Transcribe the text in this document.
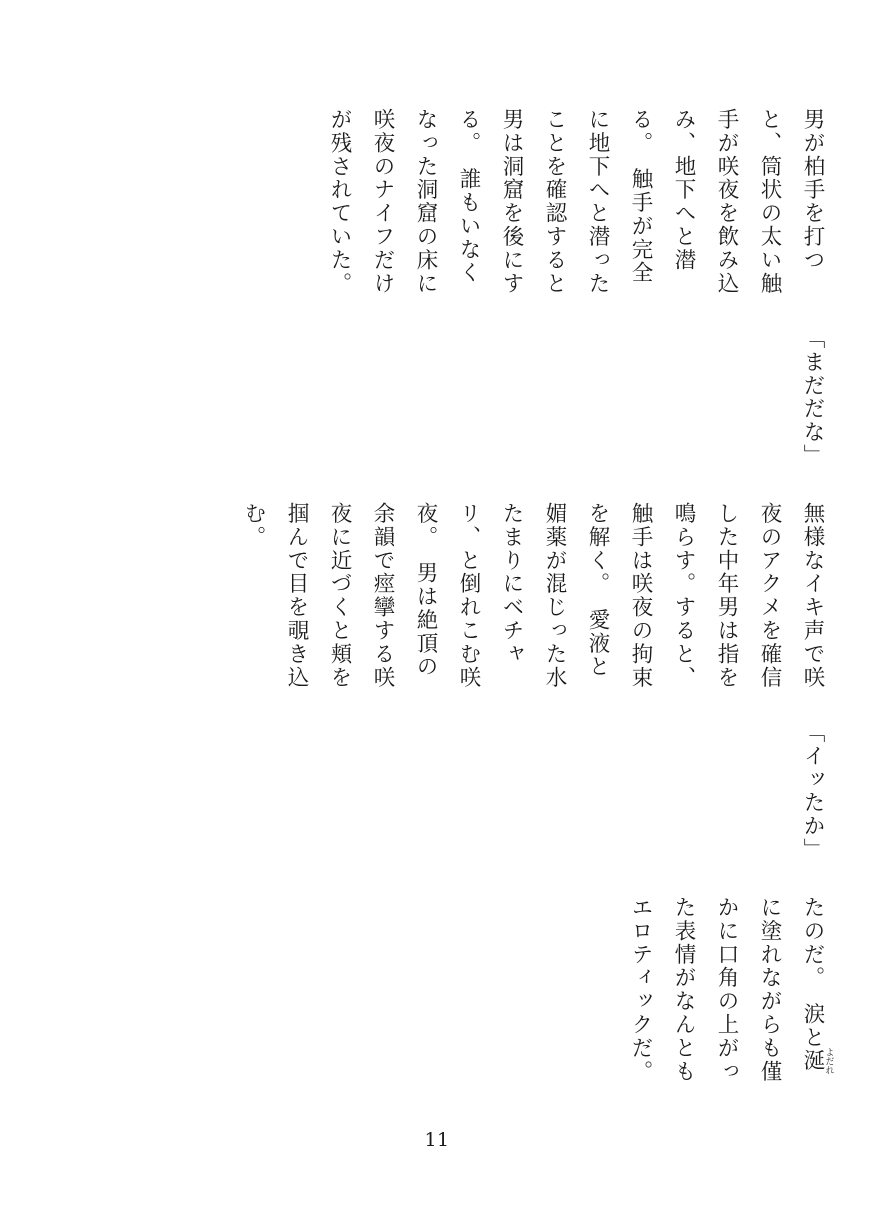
たのだ。　涙と涎よだれに塗れながらも僅かに口角の上がった表情がなんともエロティックだ。

「イッたか」

無様なイキ声で咲夜のアクメを確信した中年男は指を鳴らす。すると、触手は咲夜の拘束を解く。　愛液と媚薬が混じった水たまりにベチャリ、と倒れこむ咲夜。　男は絶頂の余韻で痙攣する咲夜に近づくと頬を掴んで目を覗き込む。

「まだだな」

男が柏手を打つと、筒状の太い触手が咲夜を飲み込み、地下へと潜る。　触手が完全に地下へと潜ったことを確認すると男は洞窟を後にする。　誰もいなくなった洞窟の床に咲夜のナイフだけが残されていた。

11
